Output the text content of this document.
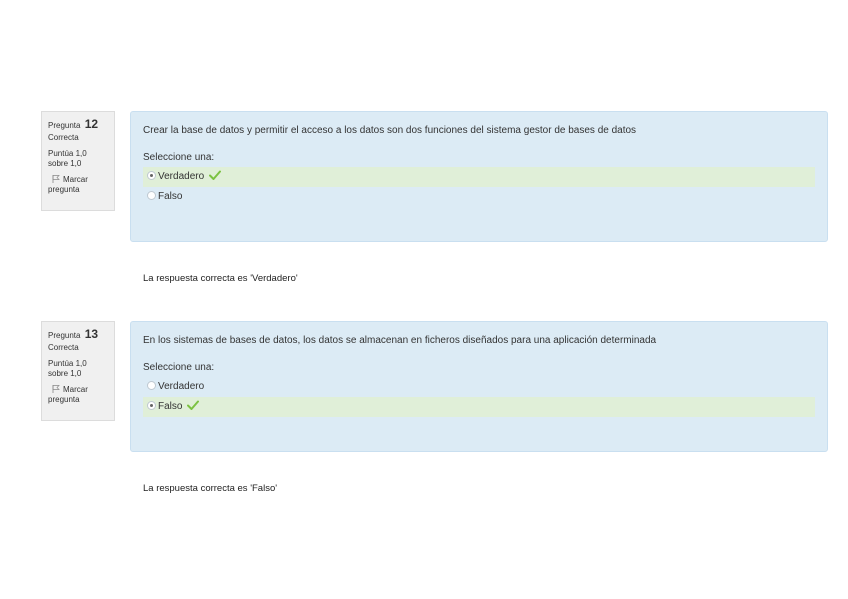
Pregunta 12
Correcta
Puntúa 1,0
sobre 1,0
Marcar
pregunta
Crear la base de datos y permitir el acceso a los datos son dos funciones del sistema gestor de bases de datos
Seleccione una:
Verdadero
Falso
La respuesta correcta es 'Verdadero'
Pregunta 13
Correcta
Puntúa 1,0
sobre 1,0
Marcar
pregunta
En los sistemas de bases de datos, los datos se almacenan en ficheros diseñados para una aplicación determinada
Seleccione una:
Verdadero
Falso
La respuesta correcta es 'Falso'
